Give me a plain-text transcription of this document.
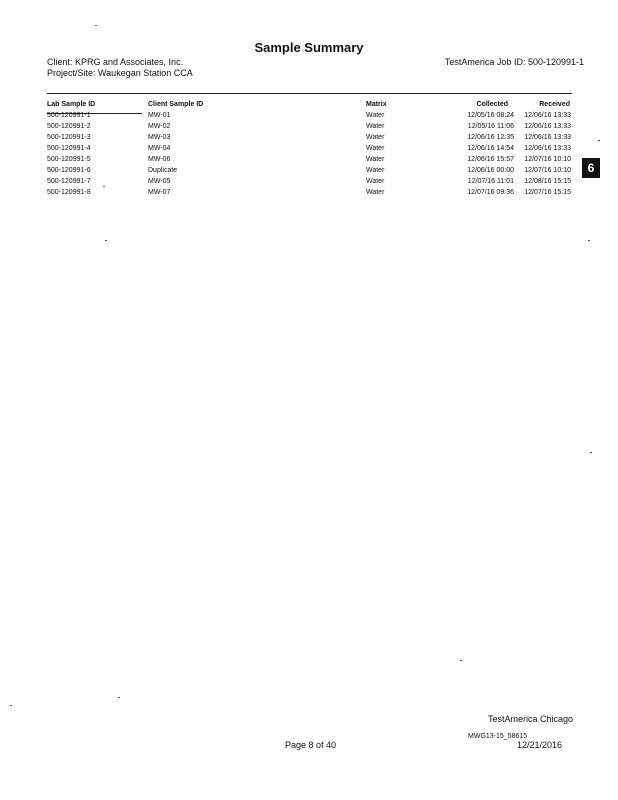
Sample Summary
Client: KPRG and Associates, Inc.
Project/Site: Waukegan Station CCA
TestAmerica Job ID: 500-120991-1
Lab Sample ID	Client Sample ID	Matrix	Collected	Received
500-120991-1	MW-01	Water	12/05/16 08:24 12/06/16 13:33
500-120991-2	MW-02	Water	12/05/16 11:06 12/06/16 13:33
500-120991-3	MW-03	Water	12/06/16 12:35 12/06/16 13:33
500-120991-4	MW-04	Water	12/06/16 14:54 12/06/16 13:33
500-120991-5	MW-06	Water	12/06/16 15:57 12/07/16 10:10
500-120991-6	Duplicate	Water	12/06/16 00:00 12/07/16 10:10
500-120991-7	MW-05	Water	12/07/16 11:01 12/08/16 15:15
500-120991-8	MW-07	Water	12/07/16 09:36 12/07/16 15:15
6
TestAmerica Chicago
MWG13-15_58615
Page 8 of 40	12/21/2016
